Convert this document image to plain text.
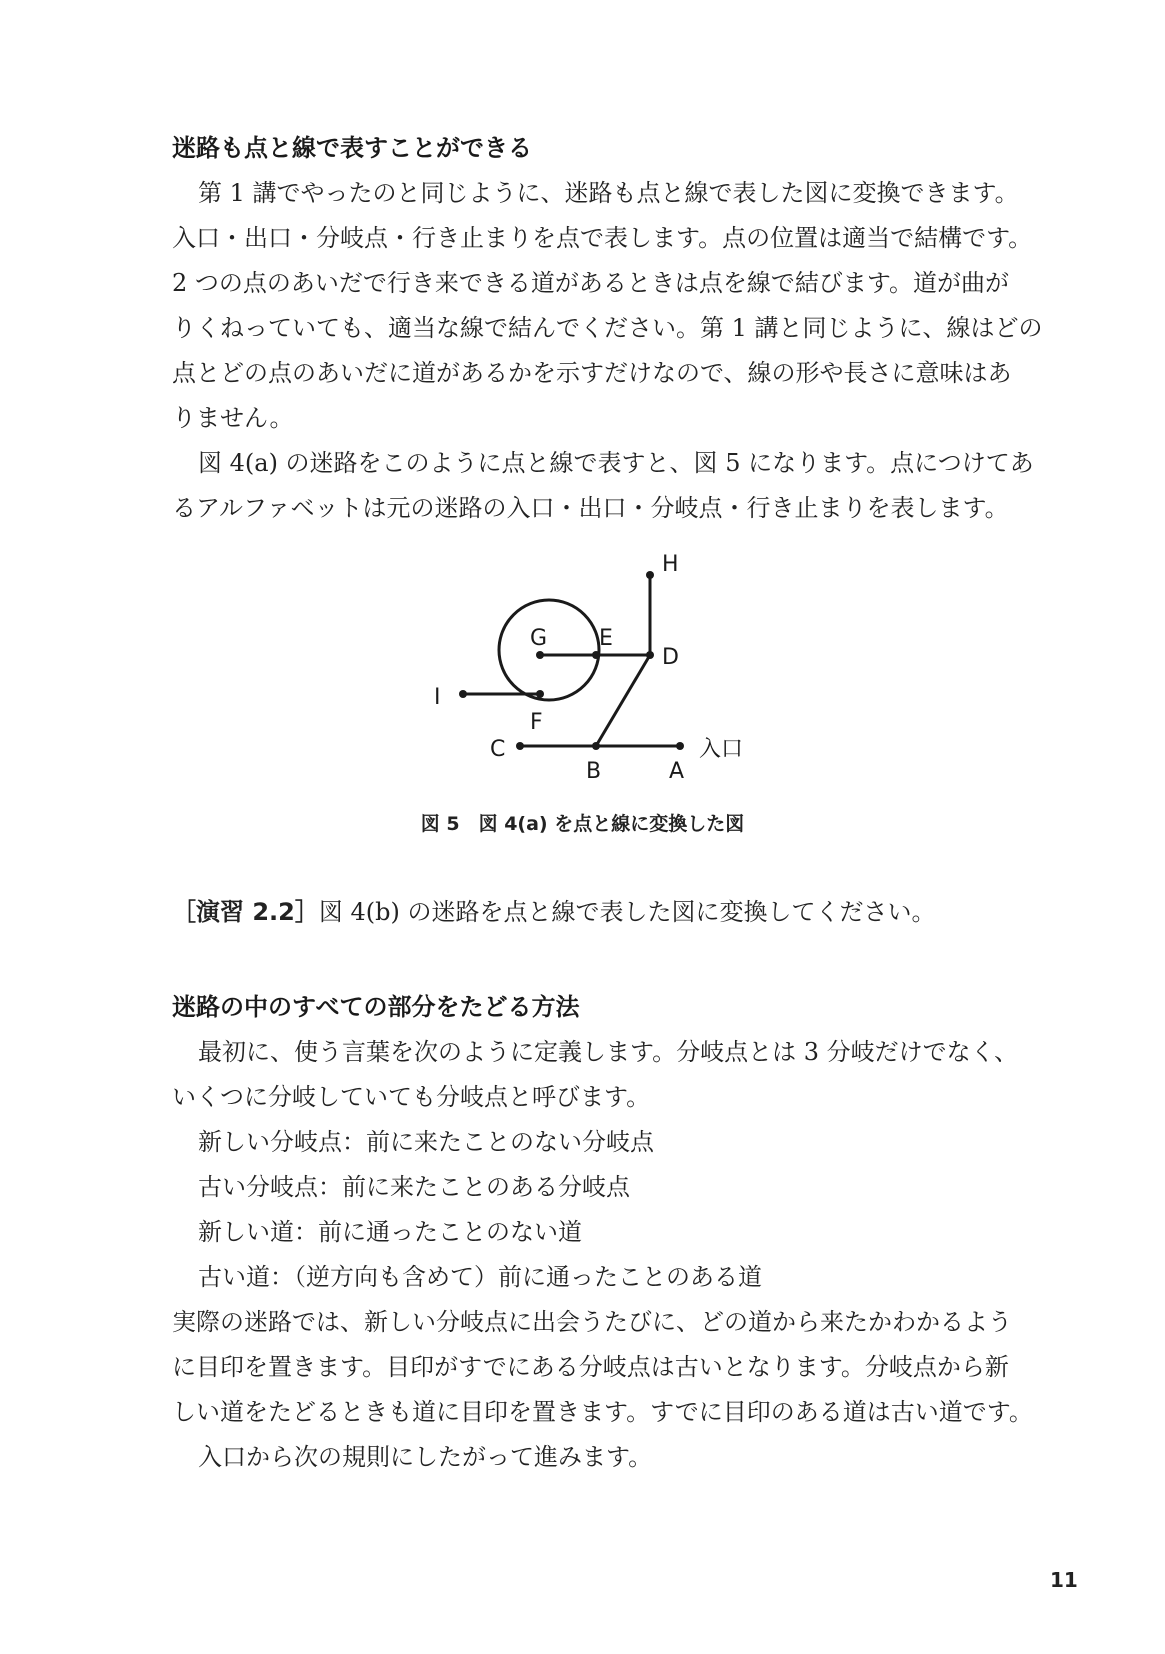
迷路も点と線で表すことができる
第 1 講でやったのと同じように、迷路も点と線で表した図に変換できます。
入口・出口・分岐点・行き止まりを点で表します。点の位置は適当で結構です。
2 つの点のあいだで行き来できる道があるときは点を線で結びます。道が曲が
りくねっていても、適当な線で結んでください。第 1 講と同じように、線はどの
点とどの点のあいだに道があるかを示すだけなので、線の形や長さに意味はあ
りません。
図 4(a) の迷路をこのように点と線で表すと、図 5 になります。点につけてあ
るアルファベットは元の迷路の入口・出口・分岐点・行き止まりを表します。
H
G E
D
I
F
C
B	A
入口
図 5　図 4(a) を点と線に変換した図
［演習 2.2］図 4(b) の迷路を点と線で表した図に変換してください。
迷路の中のすべての部分をたどる方法
最初に、使う言葉を次のように定義します。分岐点とは 3 分岐だけでなく、
いくつに分岐していても分岐点と呼びます。
新しい分岐点：前に来たことのない分岐点
古い分岐点：前に来たことのある分岐点
新しい道：前に通ったことのない道
古い道：（逆方向も含めて）前に通ったことのある道
実際の迷路では、新しい分岐点に出会うたびに、どの道から来たかわかるよう
に目印を置きます。目印がすでにある分岐点は古いとなります。分岐点から新
しい道をたどるときも道に目印を置きます。すでに目印のある道は古い道です。
入口から次の規則にしたがって進みます。
11
